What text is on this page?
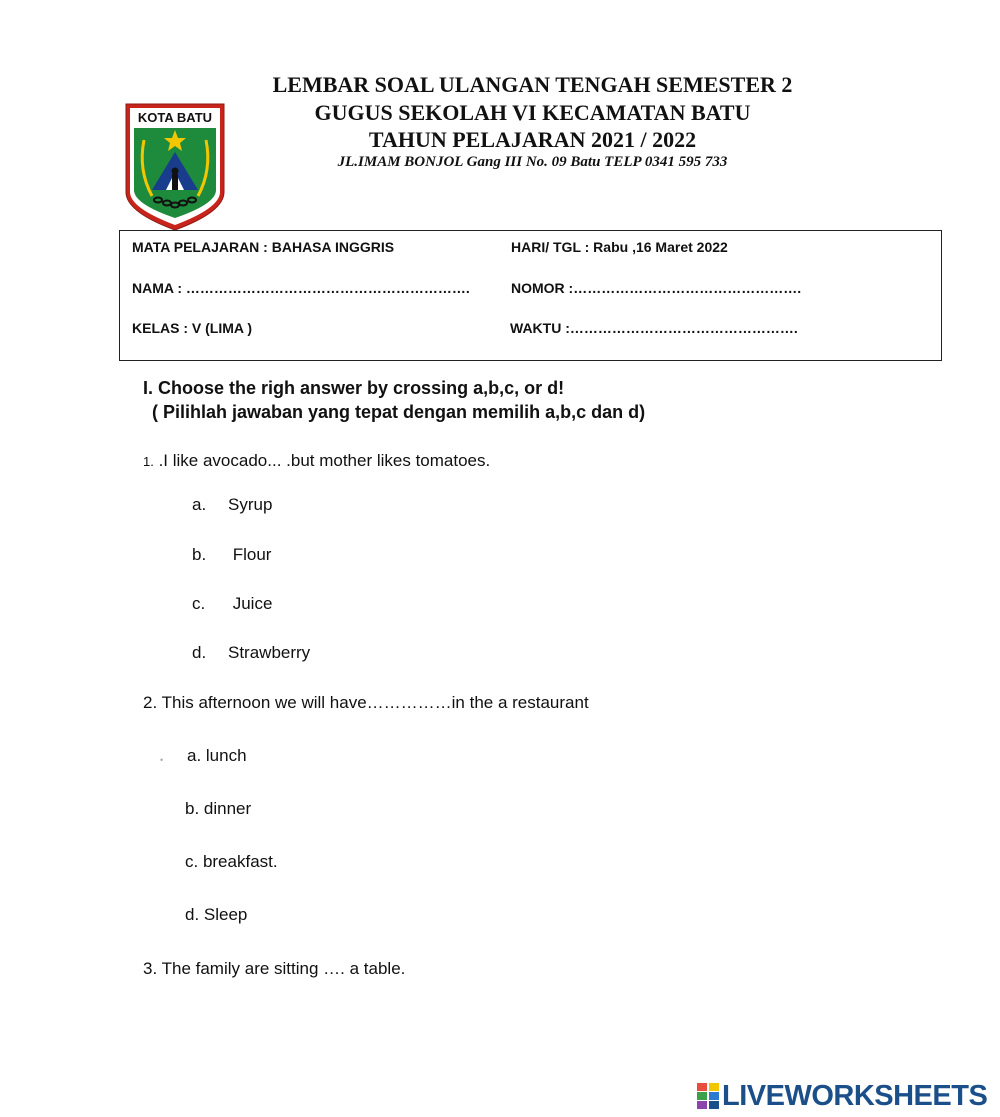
LEMBAR SOAL ULANGAN TENGAH SEMESTER 2
GUGUS SEKOLAH VI KECAMATAN BATU
TAHUN PELAJARAN 2021 / 2022
JL.IMAM BONJOL Gang III No. 09 Batu TELP 0341 595 733
KOTA BATU
MATA PELAJARAN : BAHASA INGGRIS	HARI/ TGL : Rabu ,16 Maret 2022
NAMA : …………………………………………………….	NOMOR :………………………………………….
KELAS : V (LIMA )	WAKTU :………………………………………….
I. Choose the righ answer by crossing a,b,c, or d!
( Pilihlah jawaban yang tepat dengan memilih a,b,c dan d)
1. .I like avocado... .but mother likes tomatoes.
a. Syrup
b. Flour
c. Juice
d. Strawberry
2. This afternoon we will have……………in the a restaurant
• a. lunch
b. dinner
c. breakfast.
d. Sleep
3. The family are sitting …. a table.
LIVEWORKSHEETS
